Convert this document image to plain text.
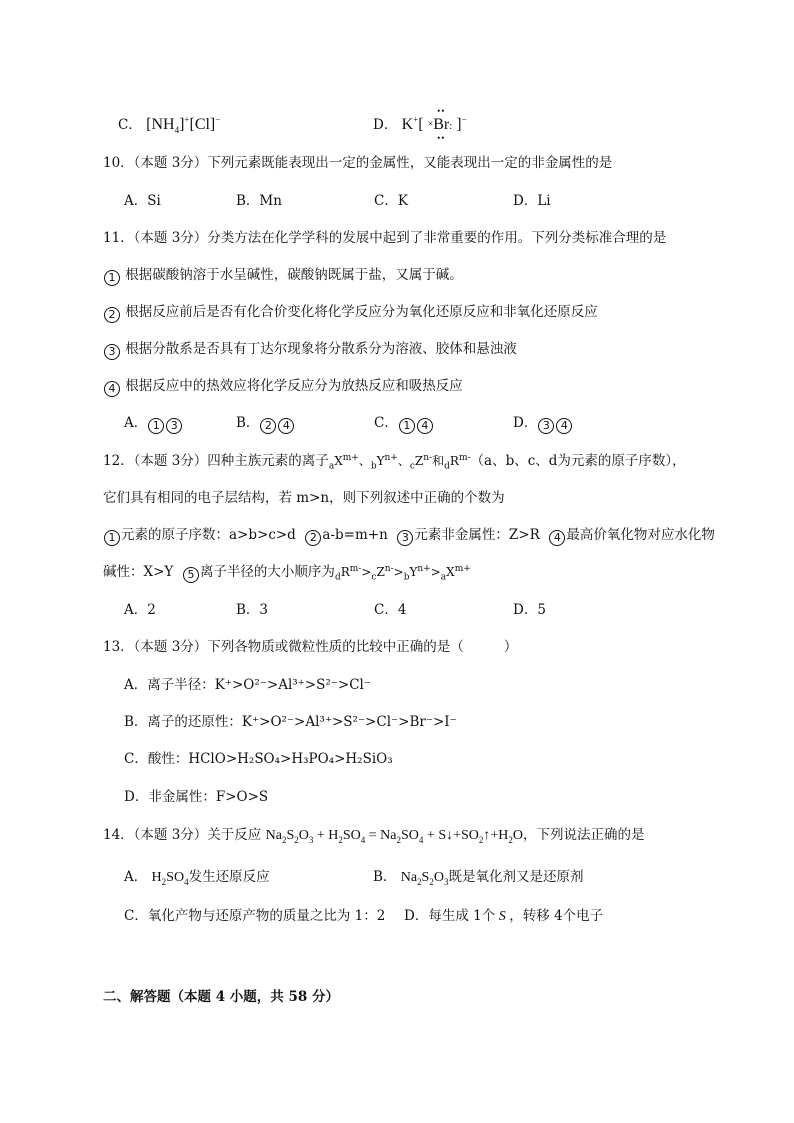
C． $[NH_4]^+[Cl]^-$	D． K+[ ×
••
Br
••
: ]−
10．（本题 3分）下列元素既能表现出一定的金属性，又能表现出一定的非金属性的是
A．Si	B．Mn	C．K	D．Li
11．（本题 3分）分类方法在化学学科的发展中起到了非常重要的作用。下列分类标准合理的是
1 根据碳酸钠溶于水呈碱性，碳酸钠既属于盐，又属于碱。
2 根据反应前后是否有化合价变化将化学反应分为氧化还原反应和非氧化还原反应
3 根据分散系是否具有丁达尔现象将分散系分为溶液、胶体和悬浊液
4 根据反应中的热效应将化学反应分为放热反应和吸热反应
A． 1 3	B． 2 4	C． 1 4	D． 3 4
12．（本题 3分）四种主族元素的离子$_aX^{m+}$、$_bY^{n+}$、$_cZ^{n-}$和$_dR^{m-}(a$、b、c、d为元素的原子序数），
它们具有相同的电子层结构，若 m>n，则下列叙述中正确的个数为
1 元素的原子序数：a>b>c>d 2 a-b=m+n 3 元素非金属性：Z>R 4 最高价氧化物对应水化物
碱性：X>Y 5 离子半径的大小顺序为$_dR^{m-}>_cZ^{n-}>_bY^{n+}>_aX^{m+}$
A．2	B．3	C．4	D．5
13．（本题 3分）下列各物质或微粒性质的比较中正确的是（	）
A．离子半径：K⁺>O²⁻>Al³⁺>S²⁻>Cl⁻
B．离子的还原性：K⁺>O²⁻>Al³⁺>S²⁻>Cl⁻>Br⁻>I⁻
C．酸性：HClO>H₂SO₄>H₃PO₄>H₂SiO₃
D．非金属性：F>O>S
14．（本题 3分）关于反应 $Na_2S_2O_3 + H_2SO_4 = Na_2SO_4$ + $S↓+SO_2↑+H_2O$，下列说法正确的是
A． $H_2SO_4$发生还原反应	B． $Na_2S_2O_3$既是氧化剂又是还原剂
C．氧化产物与还原产物的质量之比为 1：2 D．每生成 1个 S ，转移 4个电子
二、解答题（本题 4 小题，共 58 分）
